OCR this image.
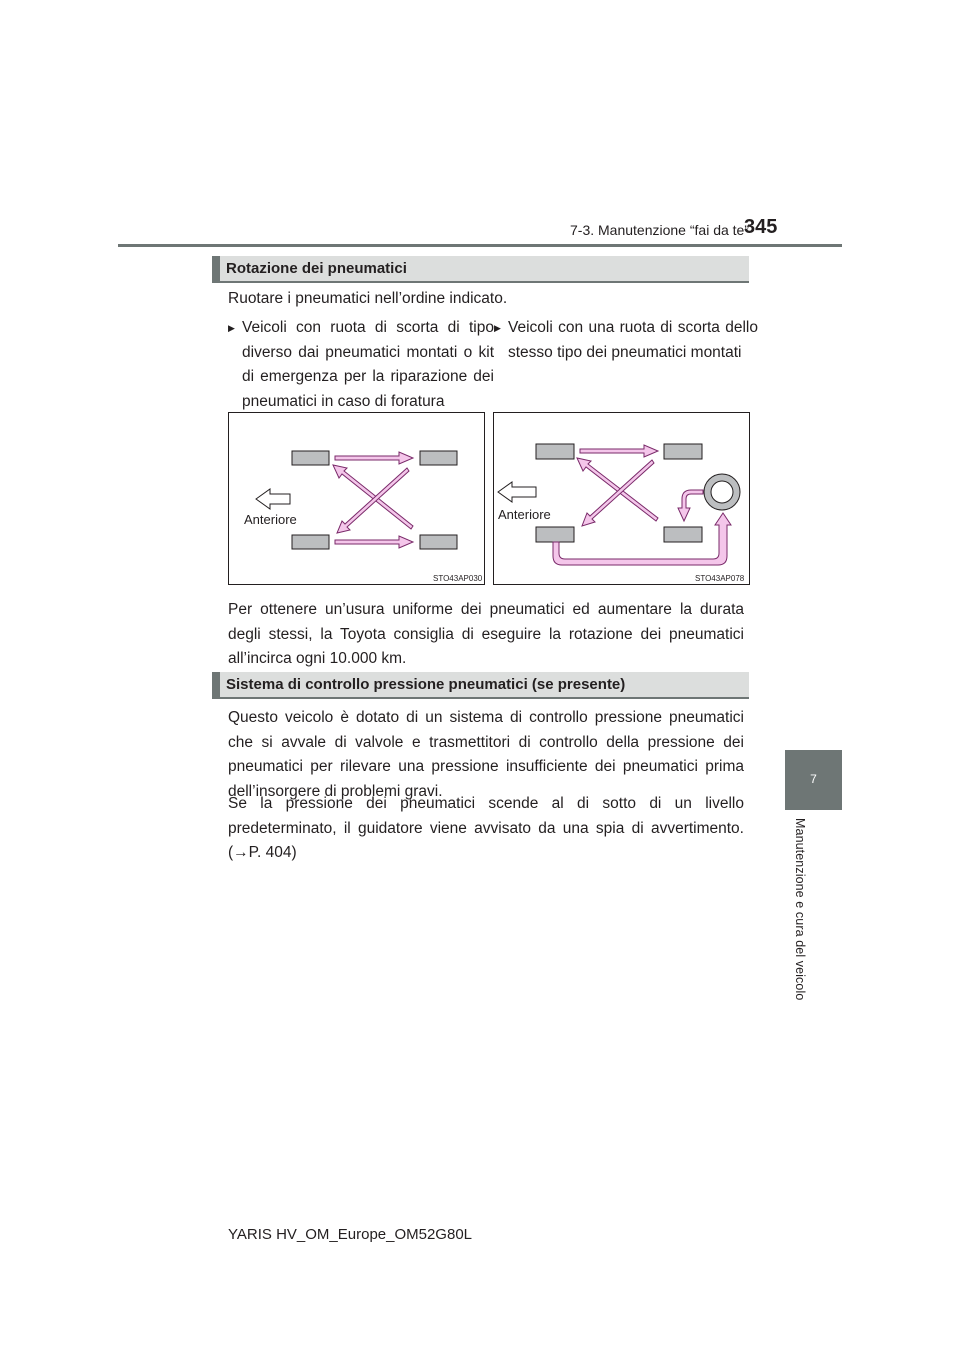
7-3. Manutenzione “fai da te”
345
7
Manutenzione e cura del veicolo
Rotazione dei pneumatici

Ruotare i pneumatici nell’ordine indicato.

▶ Veicoli con ruota di scorta di tipo diverso dai pneumatici montati o kit di emergenza per la riparazione dei pneumatici in caso di foratura

▶ Veicoli con una ruota di scorta dello stesso tipo dei pneumatici montati

Anteriore
STO43AP030
Anteriore
STO43AP078

Per ottenere un’usura uniforme dei pneumatici ed aumentare la durata degli stessi, la Toyota consiglia di eseguire la rotazione dei pneumatici all’incirca ogni 10.000 km.

Sistema di controllo pressione pneumatici (se presente)

Questo veicolo è dotato di un sistema di controllo pressione pneumatici che si avvale di valvole e trasmettitori di controllo della pressione dei pneumatici per rilevare una pressione insufficiente dei pneumatici prima dell’insorgere di problemi gravi.

Se la pressione dei pneumatici scende al di sotto di un livello predeterminato, il guidatore viene avvisato da una spia di avvertimento. (→P. 404)

YARIS HV_OM_Europe_OM52G80L
